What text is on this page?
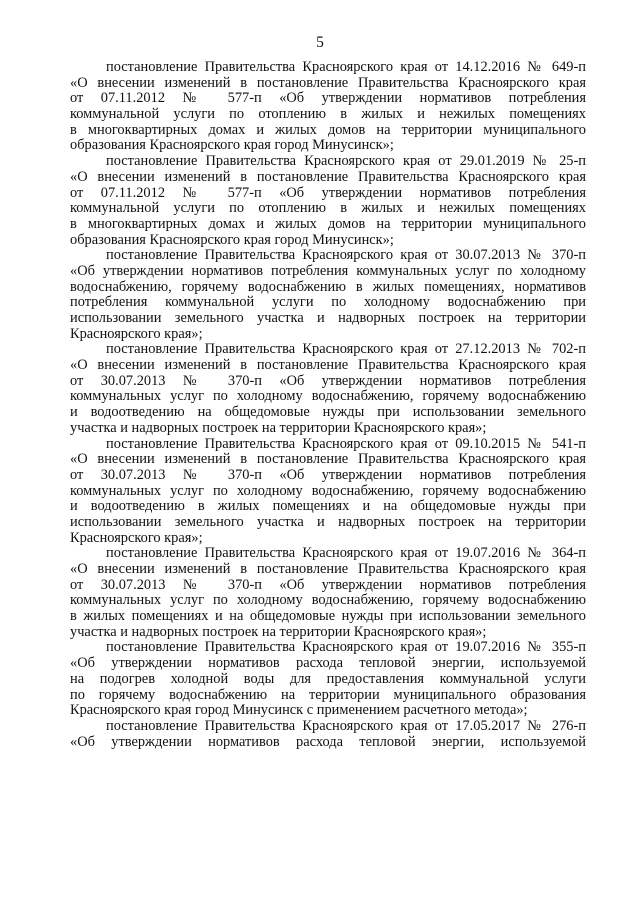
5
постановление Правительства Красноярского края от 14.12.2016 № 649-п
«О внесении изменений в постановление Правительства Красноярского края
от 07.11.2012 № 577-п «Об утверждении нормативов потребления
коммунальной услуги по отоплению в жилых и нежилых помещениях
в многоквартирных домах и жилых домов на территории муниципального
образования Красноярского края город Минусинск»;
постановление Правительства Красноярского края от 29.01.2019 № 25-п
«О внесении изменений в постановление Правительства Красноярского края
от 07.11.2012 № 577-п «Об утверждении нормативов потребления
коммунальной услуги по отоплению в жилых и нежилых помещениях
в многоквартирных домах и жилых домов на территории муниципального
образования Красноярского края город Минусинск»;
постановление Правительства Красноярского края от 30.07.2013 № 370-п
«Об утверждении нормативов потребления коммунальных услуг по холодному
водоснабжению, горячему водоснабжению в жилых помещениях, нормативов
потребления коммунальной услуги по холодному водоснабжению при
использовании земельного участка и надворных построек на территории
Красноярского края»;
постановление Правительства Красноярского края от 27.12.2013 № 702-п
«О внесении изменений в постановление Правительства Красноярского края
от 30.07.2013 № 370-п «Об утверждении нормативов потребления
коммунальных услуг по холодному водоснабжению, горячему водоснабжению
и водоотведению на общедомовые нужды при использовании земельного
участка и надворных построек на территории Красноярского края»;
постановление Правительства Красноярского края от 09.10.2015 № 541-п
«О внесении изменений в постановление Правительства Красноярского края
от 30.07.2013 № 370-п «Об утверждении нормативов потребления
коммунальных услуг по холодному водоснабжению, горячему водоснабжению
и водоотведению в жилых помещениях и на общедомовые нужды при
использовании земельного участка и надворных построек на территории
Красноярского края»;
постановление Правительства Красноярского края от 19.07.2016 № 364-п
«О внесении изменений в постановление Правительства Красноярского края
от 30.07.2013 № 370-п «Об утверждении нормативов потребления
коммунальных услуг по холодному водоснабжению, горячему водоснабжению
в жилых помещениях и на общедомовые нужды при использовании земельного
участка и надворных построек на территории Красноярского края»;
постановление Правительства Красноярского края от 19.07.2016 № 355-п
«Об утверждении нормативов расхода тепловой энергии, используемой
на подогрев холодной воды для предоставления коммунальной услуги
по горячему водоснабжению на территории муниципального образования
Красноярского края город Минусинск с применением расчетного метода»;
постановление Правительства Красноярского края от 17.05.2017 № 276-п
«Об утверждении нормативов расхода тепловой энергии, используемой
